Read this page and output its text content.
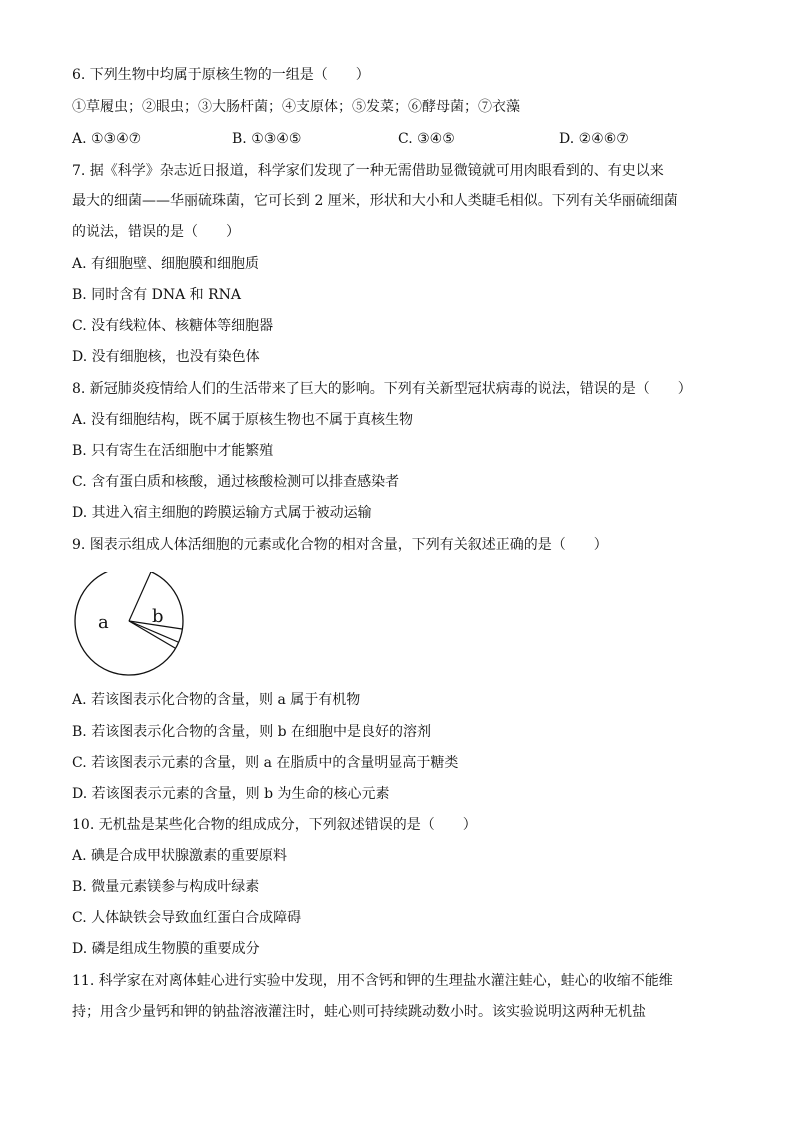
6. 下列生物中均属于原核生物的一组是（　　）
①草履虫；②眼虫；③大肠杆菌；④支原体；⑤发菜；⑥酵母菌；⑦衣藻
A. ①③④⑦	B. ①③④⑤	C. ③④⑤	D. ②④⑥⑦
7. 据《科学》杂志近日报道，科学家们发现了一种无需借助显微镜就可用肉眼看到的、有史以来
最大的细菌——华丽硫珠菌，它可长到 2 厘米，形状和大小和人类睫毛相似。下列有关华丽硫细菌
的说法，错误的是（　　）
A. 有细胞壁、细胞膜和细胞质
B. 同时含有 DNA 和 RNA
C. 没有线粒体、核糖体等细胞器
D. 没有细胞核，也没有染色体
8. 新冠肺炎疫情给人们的生活带来了巨大的影响。下列有关新型冠状病毒的说法，错误的是（　　）
A. 没有细胞结构，既不属于原核生物也不属于真核生物
B. 只有寄生在活细胞中才能繁殖
C. 含有蛋白质和核酸，通过核酸检测可以排查感染者
D. 其进入宿主细胞的跨膜运输方式属于被动运输
9. 图表示组成人体活细胞的元素或化合物的相对含量，下列有关叙述正确的是（　　）
a b
A. 若该图表示化合物的含量，则 a 属于有机物
B. 若该图表示化合物的含量，则 b 在细胞中是良好的溶剂
C. 若该图表示元素的含量，则 a 在脂质中的含量明显高于糖类
D. 若该图表示元素的含量，则 b 为生命的核心元素
10. 无机盐是某些化合物的组成成分，下列叙述错误的是（　　）
A. 碘是合成甲状腺激素的重要原料
B. 微量元素镁参与构成叶绿素
C. 人体缺铁会导致血红蛋白合成障碍
D. 磷是组成生物膜的重要成分
11. 科学家在对离体蛙心进行实验中发现，用不含钙和钾的生理盐水灌注蛙心，蛙心的收缩不能维
持；用含少量钙和钾的钠盐溶液灌注时，蛙心则可持续跳动数小时。该实验说明这两种无机盐
